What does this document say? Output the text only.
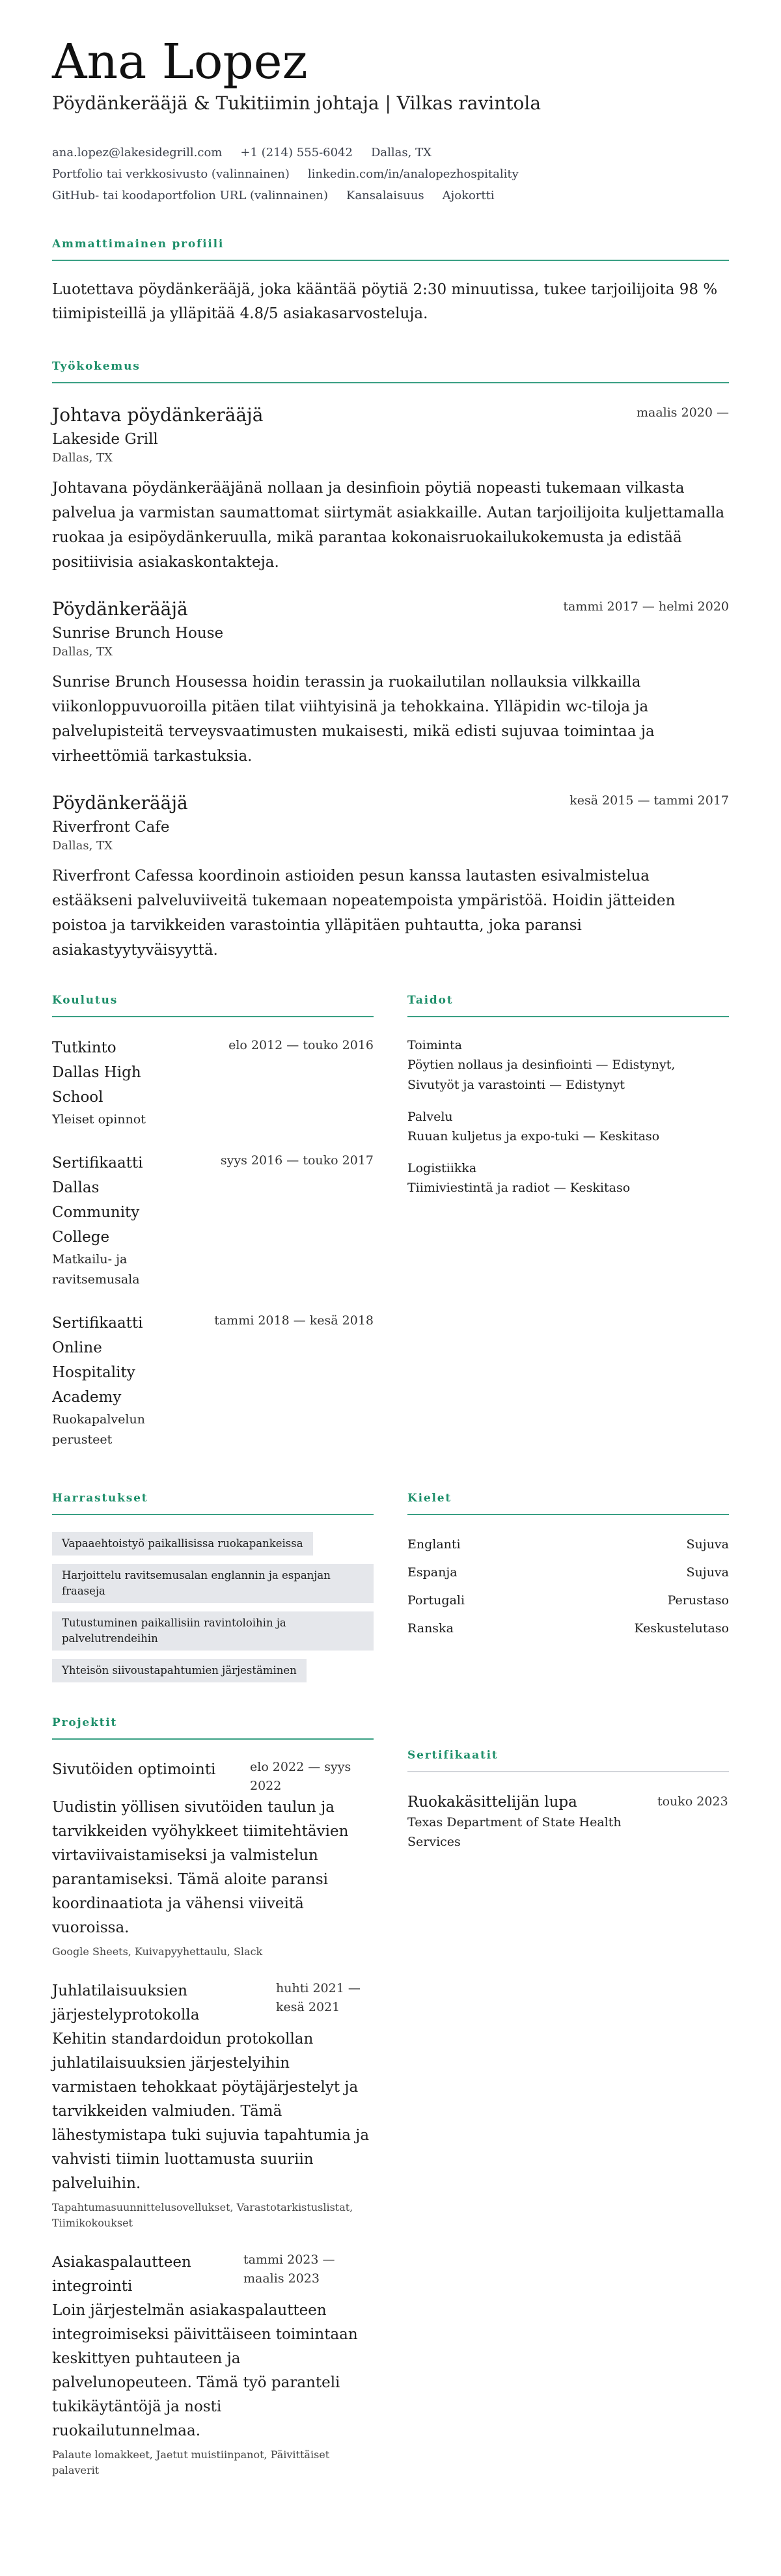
Ana Lopez
Pöydänkerääjä & Tukitiimin johtaja | Vilkas ravintola
ana.lopez@lakesidegrill.com +1 (214) 555-6042 Dallas, TX
Portfolio tai verkkosivusto (valinnainen) linkedin.com/in/analopezhospitality
GitHub- tai koodaportfolion URL (valinnainen) Kansalaisuus Ajokortti
Ammattimainen profiili

Luotettava pöydänkerääjä, joka kääntää pöytiä 2:30 minuutissa, tukee tarjoilijoita 98 % tiimipisteillä ja ylläpitää 4.8/5 asiakasarvosteluja.

Työkokemus
Johtava pöydänkerääjä	maalis 2020 —
Lakeside Grill
Dallas, TX

Johtavana pöydänkerääjänä nollaan ja desinfioin pöytiä nopeasti tukemaan vilkasta palvelua ja varmistan saumattomat siirtymät asiakkaille. Autan tarjoilijoita kuljettamalla ruokaa ja esipöydänkeruulla, mikä parantaa kokonaisruokailukokemusta ja edistää positiivisia asiakaskontakteja.

Pöydänkerääjä	tammi 2017 — helmi 2020
Sunrise Brunch House
Dallas, TX

Sunrise Brunch Housessa hoidin terassin ja ruokailutilan nollauksia vilkkailla viikonloppuvuoroilla pitäen tilat viihtyisinä ja tehokkaina. Ylläpidin wc-tiloja ja palvelupisteitä terveysvaatimusten mukaisesti, mikä edisti sujuvaa toimintaa ja virheettömiä tarkastuksia.

Pöydänkerääjä	kesä 2015 — tammi 2017
Riverfront Cafe
Dallas, TX

Riverfront Cafessa koordinoin astioiden pesun kanssa lautasten esivalmistelua estääkseni palveluviiveitä tukemaan nopeatempoista ympäristöä. Hoidin jätteiden poistoa ja tarvikkeiden varastointia ylläpitäen puhtautta, joka paransi asiakastyytyväisyyttä.

Koulutus
Tutkinto
Dallas High School
Yleiset opinnot
elo 2012 — touko 2016
Sertifikaatti
Dallas Community College
Matkailu- ja ravitsemusala
syys 2016 — touko 2017
Sertifikaatti
Online Hospitality Academy
Ruokapalvelun perusteet
tammi 2018 — kesä 2018
Taidot
Toiminta
Pöytien nollaus ja desinfiointi — Edistynyt, Sivutyöt ja varastointi — Edistynyt
Palvelu
Ruuan kuljetus ja expo-tuki — Keskitaso
Logistiikka
Tiimiviestintä ja radiot — Keskitaso
Harrastukset
Vapaaehtoistyö paikallisissa ruokapankeissa
Harjoittelu ravitsemusalan englannin ja espanjan fraaseja
Tutustuminen paikallisiin ravintoloihin ja palvelutrendeihin
Yhteisön siivoustapahtumien järjestäminen
Kielet
Englanti	Sujuva
Espanja	Sujuva
Portugali	Perustaso
Ranska	Keskustelutaso
Projektit
Sivutöiden optimointi	elo 2022 — syys 2022

Uudistin yöllisen sivutöiden taulun ja tarvikkeiden vyöhykkeet tiimitehtävien virtaviivaistamiseksi ja valmistelun parantamiseksi. Tämä aloite paransi koordinaatiota ja vähensi viiveitä vuoroissa.

Google Sheets, Kuivapyyhettaulu, Slack
Juhlatilaisuuksien järjestelyprotokolla
huhti 2021 — kesä 2021

Kehitin standardoidun protokollan juhlatilaisuuksien järjestelyihin varmistaen tehokkaat pöytäjärjestelyt ja tarvikkeiden valmiuden. Tämä lähestymistapa tuki sujuvia tapahtumia ja vahvisti tiimin luottamusta suuriin palveluihin.

Tapahtumasuunnittelusovellukset, Varastotarkistuslistat, Tiimikokoukset
Asiakaspalautteen integrointi
tammi 2023 — maalis 2023

Loin järjestelmän asiakaspalautteen integroimiseksi päivittäiseen toimintaan keskittyen puhtauteen ja palvelunopeuteen. Tämä työ paranteli tukikäytäntöjä ja nosti ruokailutunnelmaa.

Palaute lomakkeet, Jaetut muistiinpanot, Päivittäiset palaverit
Sertifikaatit
Ruokakäsittelijän lupa
Texas Department of State Health Services
touko 2023
